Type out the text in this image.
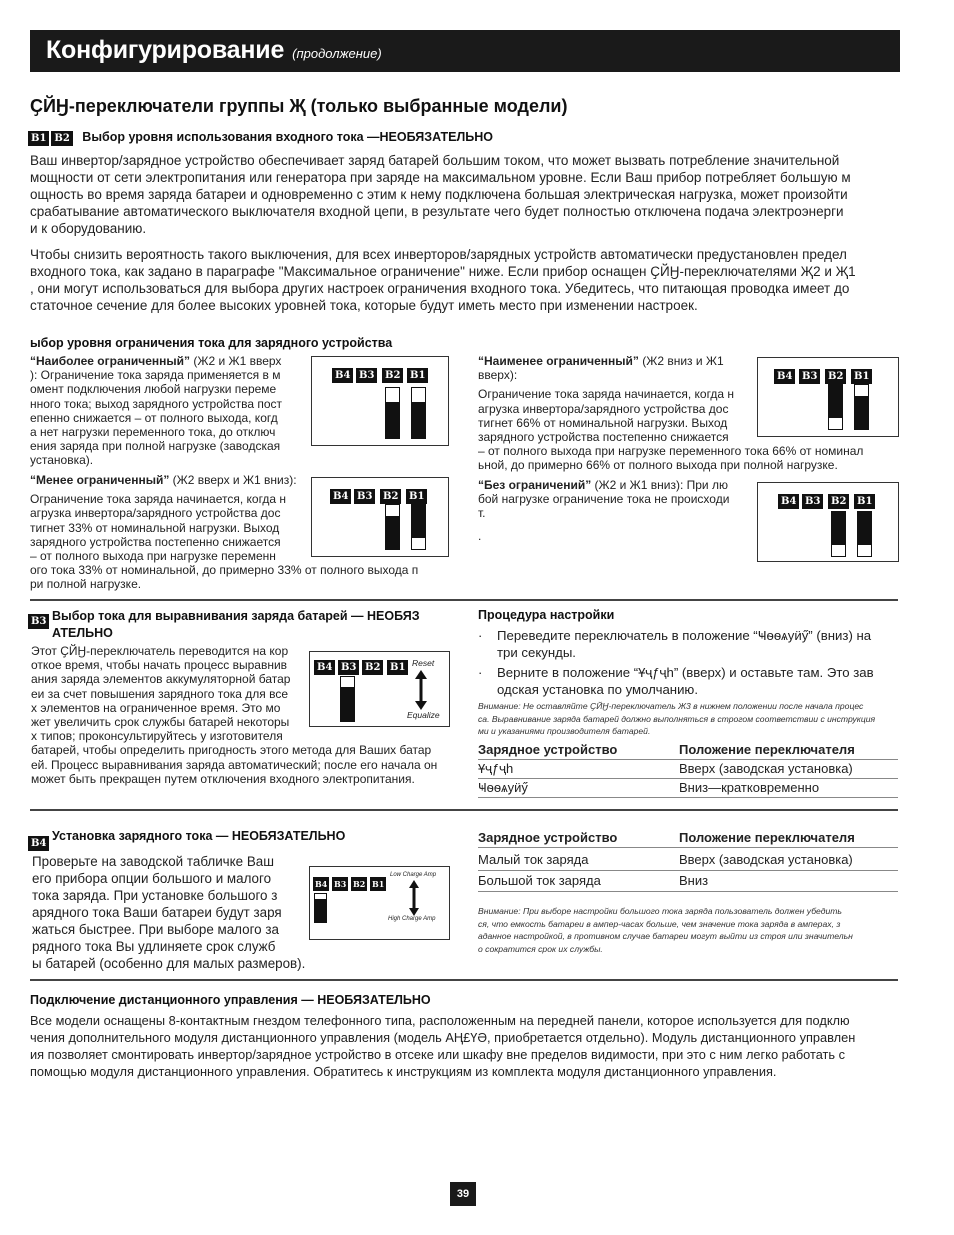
Конфигурирование (продолжение)
ҪЙӇ-переключатели группы Җ (только выбранные модели)
B1 B2 Выбор уровня использования входного тока —НЕОБЯЗАТЕЛЬНО
Ваш инвертор/зарядное устройство обеспечивает заряд батарей большим током, что может вызвать потребление значительной
мощности от сети электропитания или генератора при заряде на максимальном уровне. Если Ваш прибор потребляет большую м
ощность во время заряда батареи и одновременно с этим к нему подключена большая электрическая нагрузка, может произойти
срабатывание автоматического выключателя входной цепи, в результате чего будет полностью отключена подача электроэнерги
и к оборудованию.
Чтобы снизить вероятность такого выключения, для всех инверторов/зарядных устройств автоматически предустановлен предел
входного тока, как задано в параграфе "Максимальное ограничение" ниже. Если прибор оснащен ҪЙӇ-переключателями Җ2 и Җ1
, они могут использоваться для выбора других настроек ограничения входного тока. Убедитесь, что питающая проводка имеет до
статочное сечение для более высоких уровней тока, которые будут иметь место при изменении настроек.
ыбор уровня ограничения тока для зарядного устройства
“Наиболее ограниченный” (Ж2 и Ж1 вверх
): Ограничение тока заряда применяется в м
омент подключения любой нагрузки переме
нного тока; выход зарядного устройства пост
епенно снижается – от полного выхода, когд
а нет нагрузки переменного тока, до отключ
ения заряда при полной нагрузке (заводская
установка).
“Менее ограниченный” (Ж2 вверх и Ж1 вниз):
Ограничение тока заряда начинается, когда н
агрузка инвертора/зарядного устройства дос
тигнет 33% от номинальной нагрузки. Выход
зарядного устройства постепенно снижается
– от полного выхода при нагрузке переменн
ого тока 33% от номинальной, до примерно 33% от полного выхода п
ри полной нагрузке.
“Наименее ограниченный” (Ж2 вниз и Ж1
вверх):
Ограничение тока заряда начинается, когда н
агрузка инвертора/зарядного устройства дос
тигнет 66% от номинальной нагрузки. Выход
зарядного устройства постепенно снижается
– от полного выхода при нагрузке переменного тока 66% от номинал
ьной, до примерно 66% от полного выхода при полной нагрузке.
“Без ограничений” (Ж2 и Ж1 вниз): При лю
бой нагрузке ограничение тока не происходи
т.
.
B4 B3	B2 B1
B4 B3	B2	B1
B4 B3	B2	B1
B4 B3	B2	B1
B3 Выбор тока для выравнивания заряда батарей — НЕОБЯЗ
АТЕЛЬНО
Этот ҪЙӇ-переключатель переводится на кор
откое время, чтобы начать процесс выравнив
ания заряда элементов аккумуляторной батар
еи за счет повышения зарядного тока для все
х элементов на ограниченное время. Это мо
жет увеличить срок службы батарей некоторы
х типов; проконсультируйтесь у изготовителя
батарей, чтобы определить пригодность этого метода для Ваших батар
ей. Процесс выравнивания заряда автоматический; после его начала он
может быть прекращен путем отключения входного электропитания.
B4 B3 B2 B1 Reset
Equalize
Процедура настройки
· Переведите переключатель в положение “Ҹѳѳѧуӥӳ” (вниз) на
три секунды.
· Верните в положение “Ұҷƒҷh” (вверх) и оставьте там. Это зав
одская установка по умолчанию.
Внимание: Не оставляйте ҪЙӇ-переключатель Ж3 в нижнем положении после начала процес
са. Выравнивание заряда батарей должно выполняться в строгом соответствии с инструкция
ми и указаниями производителя батарей.
Зарядное устройство	Положение переключателя
Ұҷƒҷh	Вверх (заводская установка)
Ҹѳѳѧуӥӳ	Вниз—кратковременно
B4
Установка зарядного тока — НЕОБЯЗАТЕЛЬНО
Проверьте на заводской табличке Ваш
его прибора опции большого и малого
тока заряда. При установке большого з
арядного тока Ваши батареи будут заря
жаться быстрее. При выборе малого за
рядного тока Вы удлиняете срок служб
ы батарей (особенно для малых размеров).
B4 B3 B2 B1
Low Charge Amp
High Charge Amp
Зарядное устройство	Положение переключателя
Малый ток заряда	Вверх (заводская установка)
Большой ток заряда	Вниз
Внимание: При выборе настройки большого тока заряда пользователь должен убедить
ся, что емкость батареи в ампер-часах больше, чем значение тока заряда в амперах, з
аданное настройкой, в противном случае батареи могут выйти из строя или значительн
о сократится срок их службы.
Подключение дистанционного управления — НЕОБЯЗАТЕЛЬНО
Все модели оснащены 8-контактным гнездом телефонного типа, расположенным на передней панели, которое используется для подклю
чения дополнительного модуля дистанционного управления (модель АҢ£ҮӘ, приобретается отдельно). Модуль дистанционного управлен
ия позволяет смонтировать инвертор/зарядное устройство в отсеке или шкафу вне пределов видимости, при это с ним легко работать с
помощью модуля дистанционного управления. Обратитесь к инструкциям из комплекта модуля дистанционного управления.
39
